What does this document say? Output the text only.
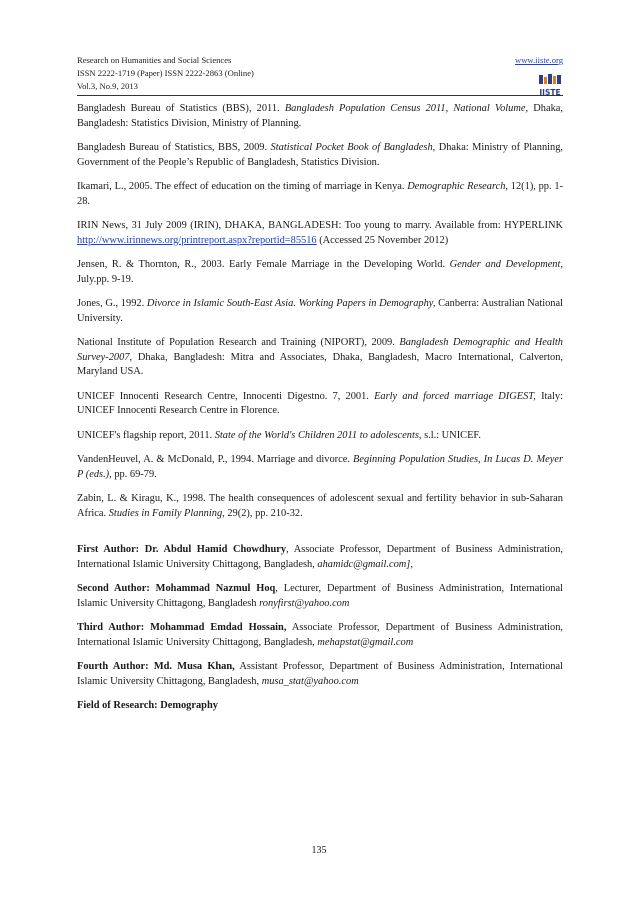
Research on Humanities and Social Sciences	www.iiste.org
ISSN 2222-1719 (Paper) ISSN 2222-2863 (Online)
Vol.3, No.9, 2013
IISTE

Bangladesh Bureau of Statistics (BBS), 2011. Bangladesh Population Census 2011, National Volume, Dhaka, Bangladesh: Statistics Division, Ministry of Planning.

Bangladesh Bureau of Statistics, BBS, 2009. Statistical Pocket Book of Bangladesh, Dhaka: Ministry of Planning, Government of the People’s Republic of Bangladesh, Statistics Division.

Ikamari, L., 2005. The effect of education on the timing of marriage in Kenya. Demographic Research, 12(1), pp. 1-28.

IRIN News, 31 July 2009 (IRIN), DHAKA, BANGLADESH: Too young to marry. Available from: HYPERLINK http://www.irinnews.org/printreport.aspx?reportid=85516 (Accessed 25 November 2012)

Jensen, R. & Thornton, R., 2003. Early Female Marriage in the Developing World. Gender and Development, July.pp. 9-19.

Jones, G., 1992. Divorce in Islamic South-East Asia. Working Papers in Demography, Canberra: Australian National University.

National Institute of Population Research and Training (NIPORT), 2009. Bangladesh Demographic and Health Survey-2007, Dhaka, Bangladesh: Mitra and Associates, Dhaka, Bangladesh, Macro International, Calverton, Maryland USA.

UNICEF Innocenti Research Centre, Innocenti Digestno. 7, 2001. Early and forced marriage DIGEST, Italy: UNICEF Innocenti Research Centre in Florence.

UNICEF's flagship report, 2011. State of the World's Children 2011 to adolescents, s.l.: UNICEF.

VandenHeuvel, A. & McDonald, P., 1994. Marriage and divorce. Beginning Population Studies, In Lucas D. Meyer P (eds.), pp. 69-79.

Zabin, L. & Kiragu, K., 1998. The health consequences of adolescent sexual and fertility behavior in sub-Saharan Africa. Studies in Family Planning, 29(2), pp. 210-32.

First Author: Dr. Abdul Hamid Chowdhury, Associate Professor, Department of Business Administration, International Islamic University Chittagong, Bangladesh, ahamidc@gmail.com],

Second Author: Mohammad Nazmul Hoq, Lecturer, Department of Business Administration, International Islamic University Chittagong, Bangladesh ronyfirst@yahoo.com

Third Author: Mohammad Emdad Hossain, Associate Professor, Department of Business Administration, International Islamic University Chittagong, Bangladesh, mehapstat@gmail.com

Fourth Author: Md. Musa Khan, Assistant Professor, Department of Business Administration, International Islamic University Chittagong, Bangladesh, musa_stat@yahoo.com

Field of Research: Demography

135
